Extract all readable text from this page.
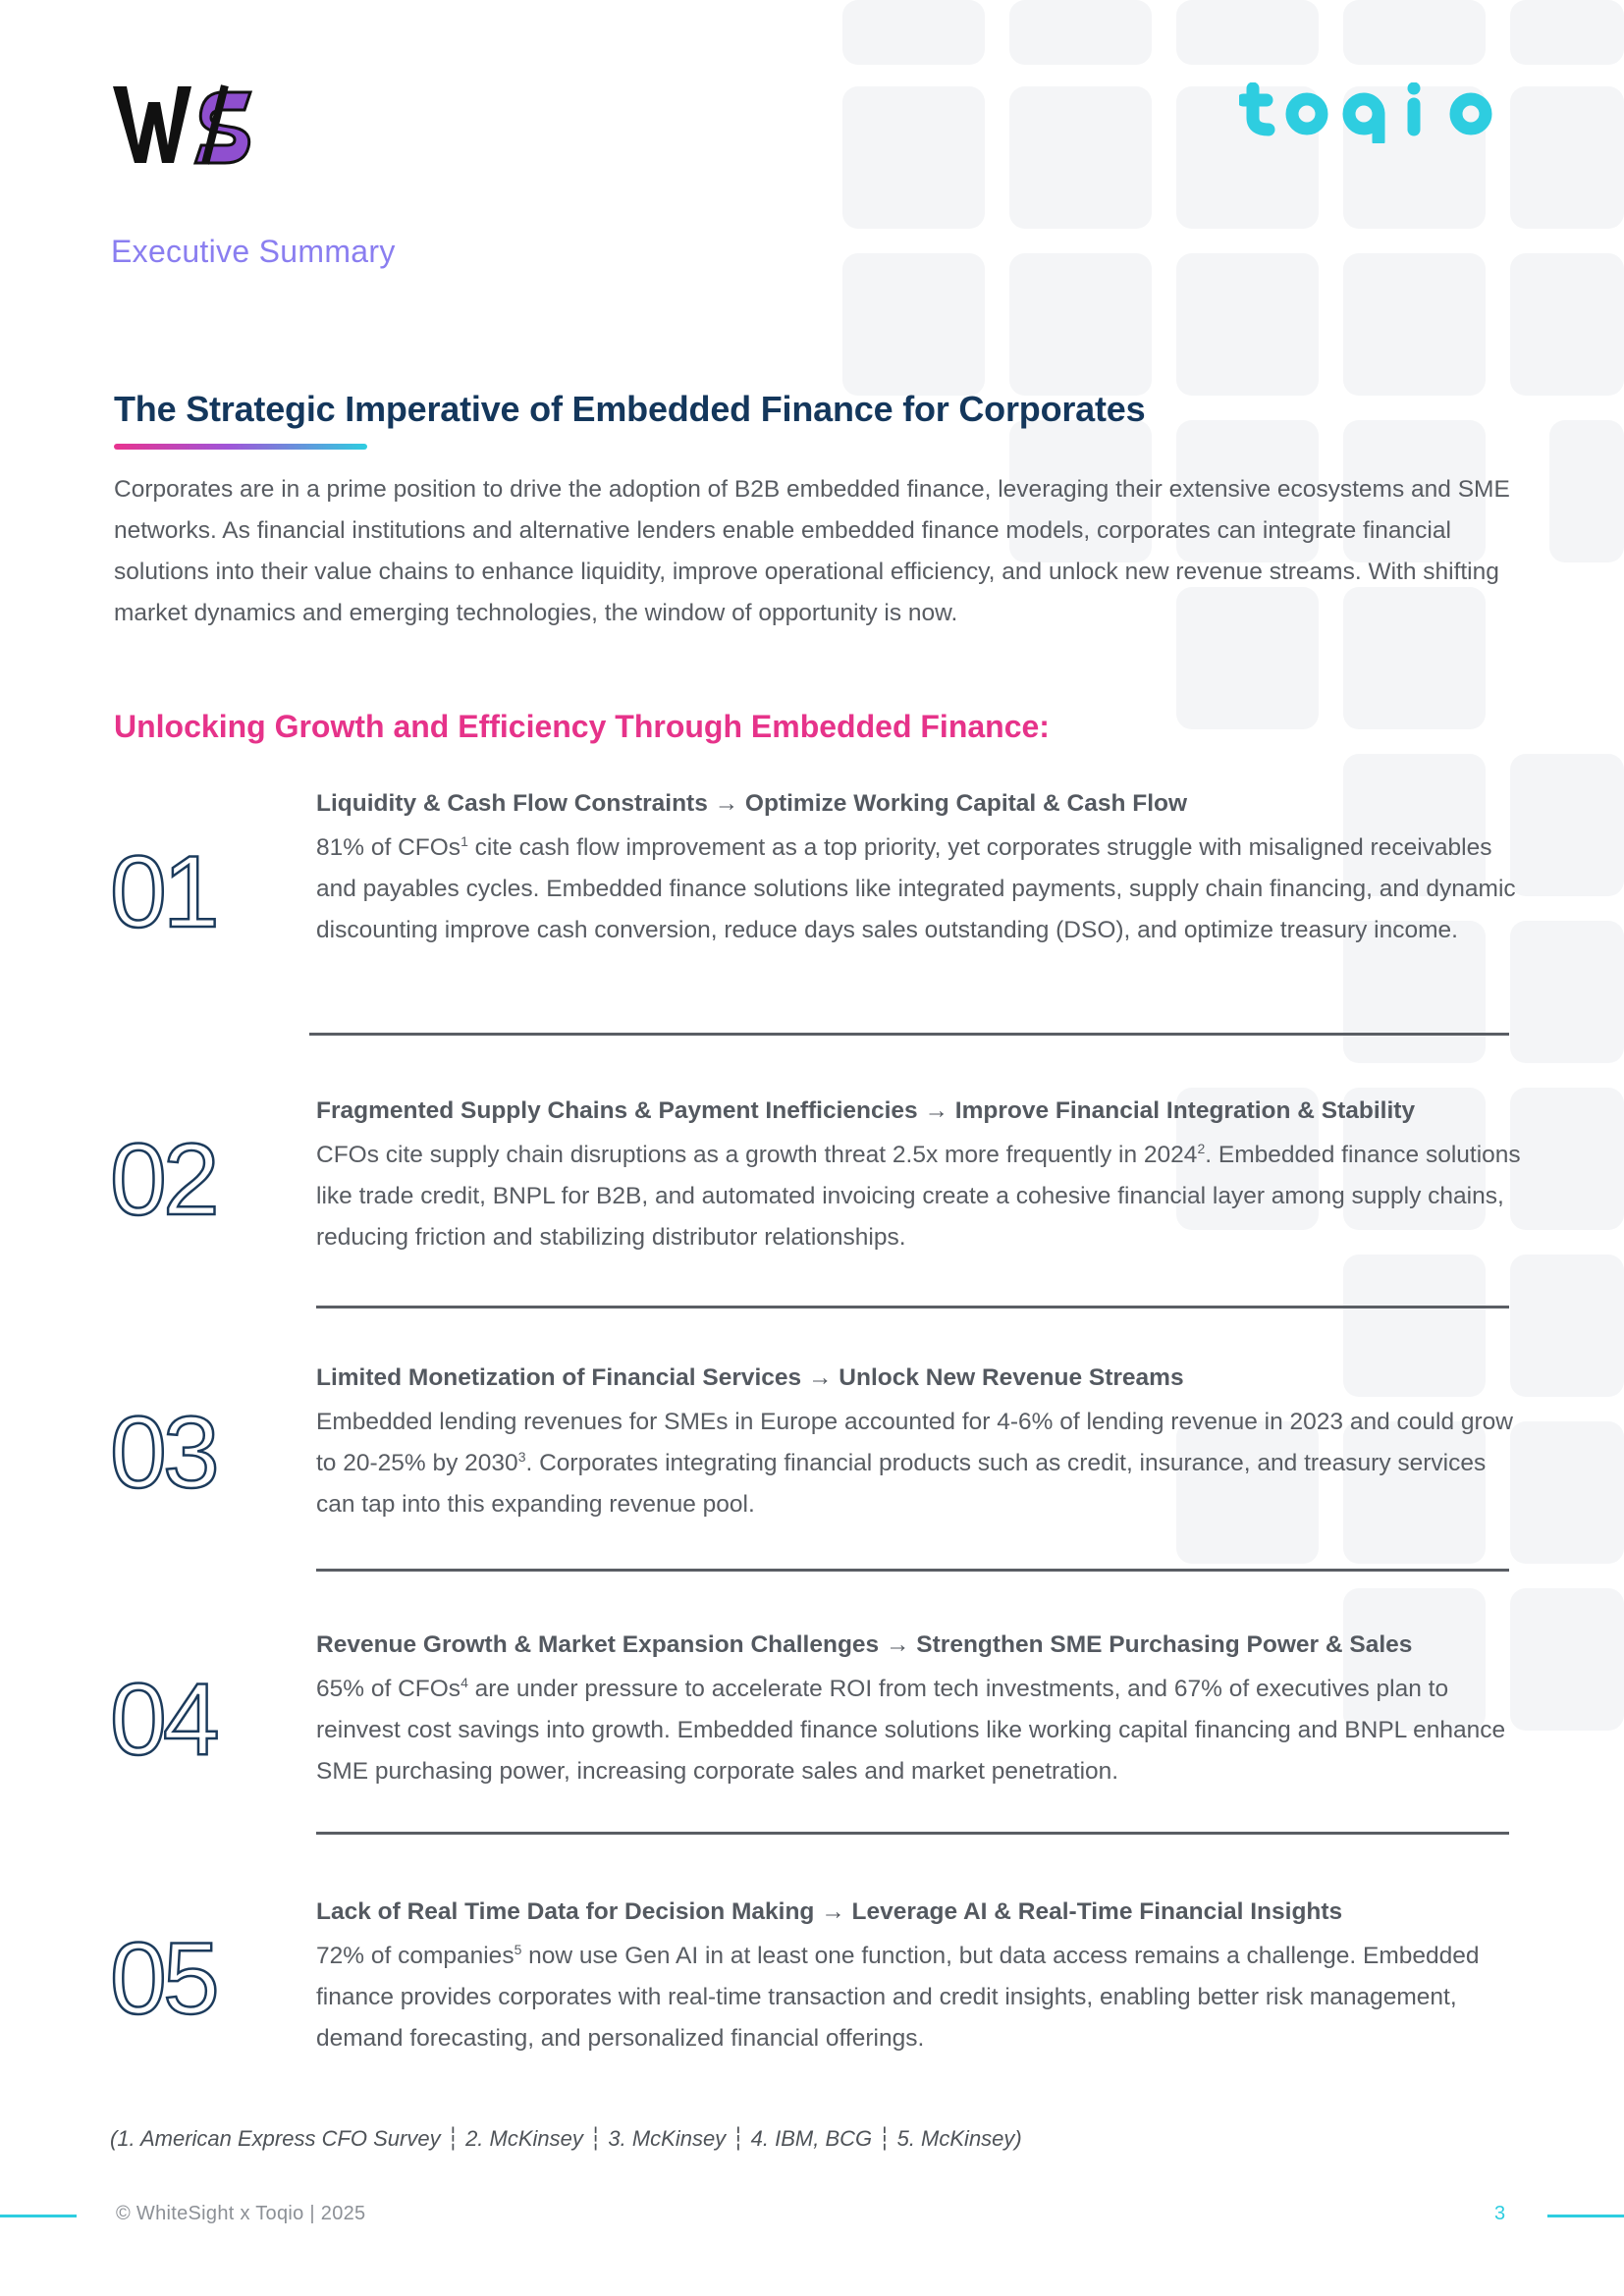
Executive Summary
The Strategic Imperative of Embedded Finance for Corporates
Corporates are in a prime position to drive the adoption of B2B embedded finance, leveraging their extensive ecosystems and SME networks. As financial institutions and alternative lenders enable embedded finance models, corporates can integrate financial solutions into their value chains to enhance liquidity, improve operational efficiency, and unlock new revenue streams. With shifting market dynamics and emerging technologies, the window of opportunity is now.
Unlocking Growth and Efficiency Through Embedded Finance:
01
Liquidity & Cash Flow Constraints → Optimize Working Capital & Cash Flow
81% of CFOs$^1$ cite cash flow improvement as a top priority, yet corporates struggle with misaligned receivables and payables cycles. Embedded finance solutions like integrated payments, supply chain financing, and dynamic discounting improve cash conversion, reduce days sales outstanding (DSO), and optimize treasury income.
02
Fragmented Supply Chains & Payment Inefficiencies → Improve Financial Integration & Stability
CFOs cite supply chain disruptions as a growth threat 2.5x more frequently in 2024$^2$. Embedded finance solutions like trade credit, BNPL for B2B, and automated invoicing create a cohesive financial layer among supply chains, reducing friction and stabilizing distributor relationships.
03
Limited Monetization of Financial Services → Unlock New Revenue Streams
Embedded lending revenues for SMEs in Europe accounted for 4-6% of lending revenue in 2023 and could grow to 20-25% by 2030$^3$. Corporates integrating financial products such as credit, insurance, and treasury services can tap into this expanding revenue pool.
04
Revenue Growth & Market Expansion Challenges → Strengthen SME Purchasing Power & Sales
65% of CFOs$^4$ are under pressure to accelerate ROI from tech investments, and 67% of executives plan to reinvest cost savings into growth. Embedded finance solutions like working capital financing and BNPL enhance SME purchasing power, increasing corporate sales and market penetration.
05
Lack of Real Time Data for Decision Making → Leverage AI & Real-Time Financial Insights
72% of companies$^5$ now use Gen AI in at least one function, but data access remains a challenge. Embedded finance provides corporates with real-time transaction and credit insights, enabling better risk management, demand forecasting, and personalized financial offerings.
(1. American Express CFO Survey ┆ 2. McKinsey ┆ 3. McKinsey ┆ 4. IBM, BCG ┆ 5. McKinsey)
© WhiteSight x Toqio | 2025	3
